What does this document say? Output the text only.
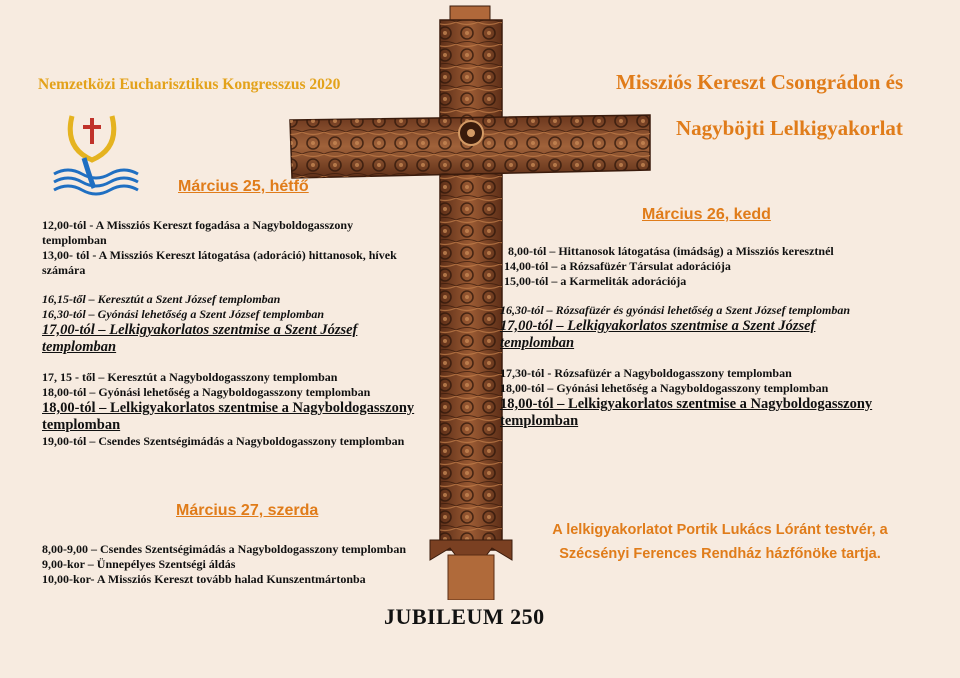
Nemzetközi Eucharisztikus Kongresszus 2020	Missziós Kereszt Csongrádon és
Nagyböjti Lelkigyakorlat
Március 25, hétfő
12,00-tól - A Missziós Kereszt fogadása a Nagyboldogasszony
templomban
13,00- tól - A Missziós Kereszt látogatása (adoráció) hittanosok, hívek
számára
16,15-től – Keresztút a Szent József templomban
16,30-tól – Gyónási lehetőség a Szent József templomban
17,00-tól – Lelkigyakorlatos szentmise a Szent József
templomban
17, 15 - től – Keresztút a Nagyboldogasszony templomban
18,00-tól – Gyónási lehetőség a Nagyboldogasszony templomban
18,00-tól – Lelkigyakorlatos szentmise a Nagyboldogasszony
templomban
19,00-tól – Csendes Szentségimádás a Nagyboldogasszony templomban
Március 26, kedd
8,00-tól – Hittanosok látogatása (imádság) a Missziós keresztnél
14,00-tól – a Rózsafüzér Társulat adorációja
15,00-tól – a Karmeliták adorációja
16,30-tól – Rózsafüzér és gyónási lehetőség a Szent József templomban
17,00-tól – Lelkigyakorlatos szentmise a Szent József
templomban
17,30-tól - Rózsafüzér a Nagyboldogasszony templomban
18,00-tól – Gyónási lehetőség a Nagyboldogasszony templomban
18,00-tól – Lelkigyakorlatos szentmise a Nagyboldogasszony
templomban
Március 27, szerda
8,00-9,00 – Csendes Szentségimádás a Nagyboldogasszony templomban
9,00-kor – Ünnepélyes Szentségi áldás
10,00-kor- A Missziós Kereszt tovább halad Kunszentmártonba
A lelkigyakorlatot Portik Lukács Lóránt testvér, a
Szécsényi Ferences Rendház házfőnöke tartja.
JUBILEUM 250
